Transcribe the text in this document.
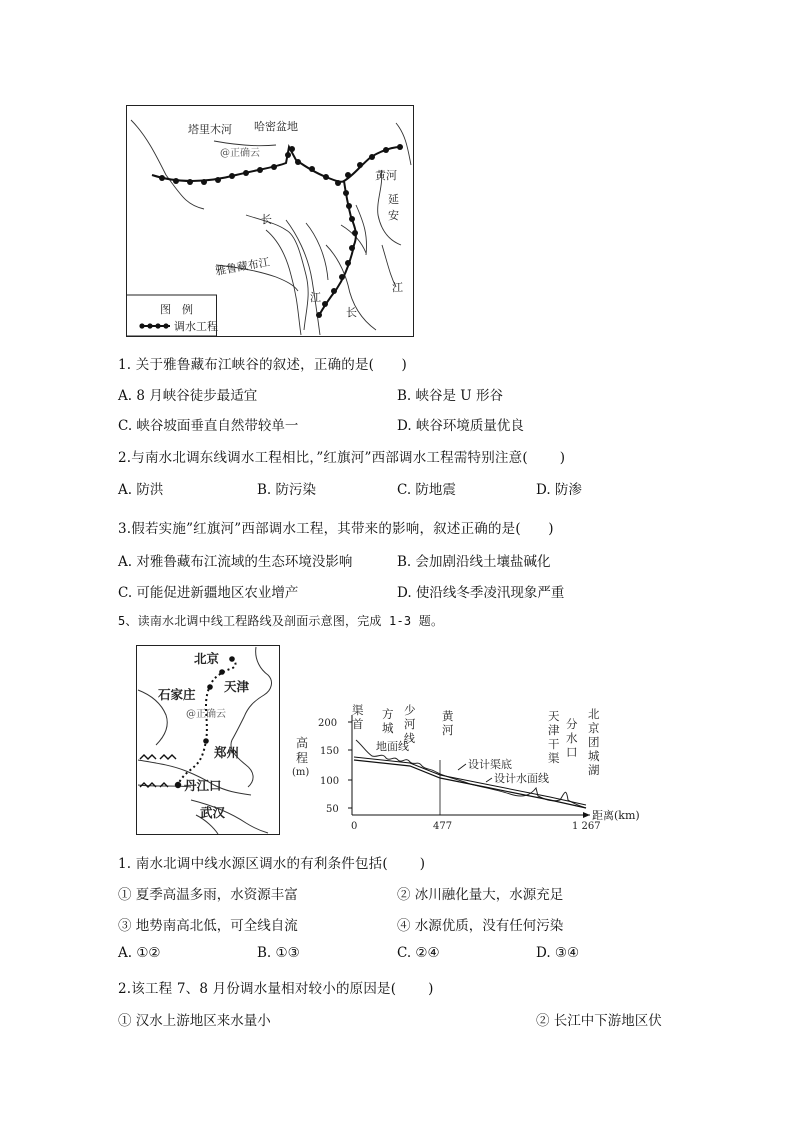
塔里木河 哈密盆地
@正确云
黄河
延
安
长
雅鲁藏布江
江
江
长
图　例
调水工程
1. 关于雅鲁藏布江峡谷的叙述，正确的是(　　)
A. 8 月峡谷徒步最适宜	B. 峡谷是 U 形谷
C. 峡谷坡面垂直自然带较单一	D. 峡谷环境质量优良
2.与南水北调东线调水工程相比，”红旗河”西部调水工程需特别注意(　　 )
A. 防洪	B. 防污染	C. 防地震	D. 防渗
3.假若实施”红旗河”西部调水工程，其带来的影响，叙述正确的是(　　)
A. 对雅鲁藏布江流域的生态环境没影响	B. 会加剧沿线土壤盐碱化
C. 可能促进新疆地区农业增产	D. 使沿线冬季凌汛现象严重
5、读南水北调中线工程路线及剖面示意图，完成 1-3 题。
北京
天津
石家庄
@正确云
郑州
丹江口
武汉
高
程
(m)
200
150
100
50
0	477	1 267
距离(km)
渠
首
方
城
少
河
黄
河
天
津
干
渠
分
水
口
北
京
团
城
湖
地面线
线
设计渠底
设计水面线
1. 南水北调中线水源区调水的有利条件包括(　　 )
① 夏季高温多雨，水资源丰富	② 冰川融化量大，水源充足
③ 地势南高北低，可全线自流	④ 水源优质，没有任何污染
A. ①②	B. ①③	C. ②④	D. ③④
2.该工程 7、8 月份调水量相对较小的原因是(　　 )
① 汉水上游地区来水量小	② 长江中下游地区伏
